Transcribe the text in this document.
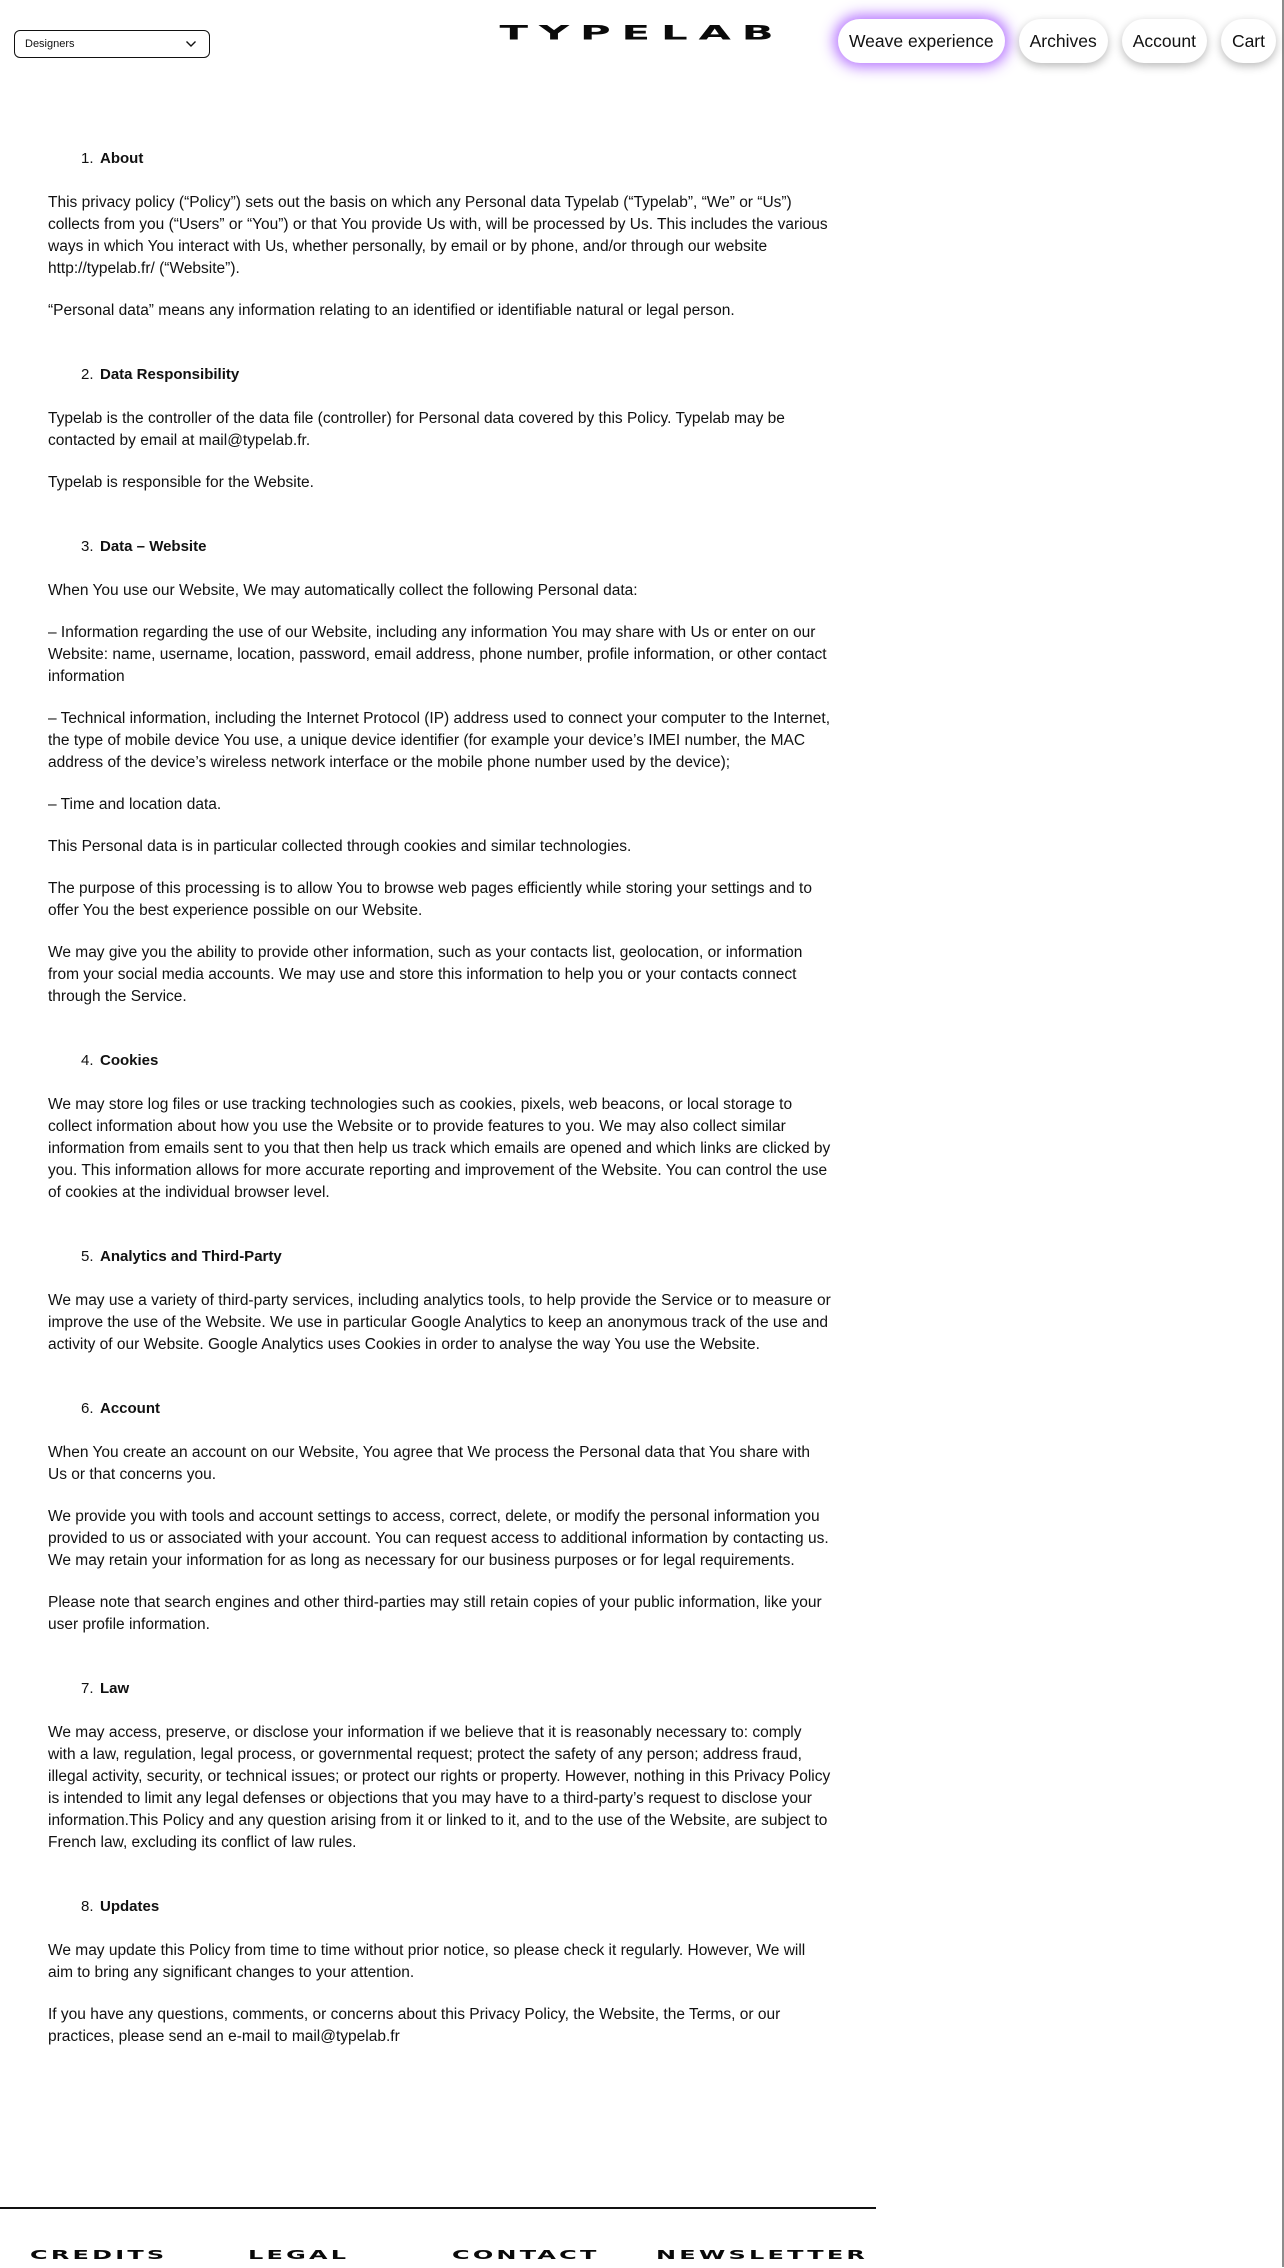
Designers	TYPELAB	Weave experience	Archives	Account	Cart
1. About

This privacy policy (“Policy”) sets out the basis on which any Personal data Typelab (“Typelab”, “We” or “Us”) collects from you (“Users” or “You”) or that You provide Us with, will be processed by Us. This includes the various ways in which You interact with Us, whether personally, by email or by phone, and/or through our website http://typelab.fr/ (“Website”).

“Personal data” means any information relating to an identified or identifiable natural or legal person.

2. Data Responsibility

Typelab is the controller of the data file (controller) for Personal data covered by this Policy. Typelab may be contacted by email at mail@typelab.fr.

Typelab is responsible for the Website.

3. Data – Website

When You use our Website, We may automatically collect the following Personal data:

– Information regarding the use of our Website, including any information You may share with Us or enter on our Website: name, username, location, password, email address, phone number, profile information, or other contact information

– Technical information, including the Internet Protocol (IP) address used to connect your computer to the Internet, the type of mobile device You use, a unique device identifier (for example your device’s IMEI number, the MAC address of the device’s wireless network interface or the mobile phone number used by the device);

– Time and location data.

This Personal data is in particular collected through cookies and similar technologies.

The purpose of this processing is to allow You to browse web pages efficiently while storing your settings and to offer You the best experience possible on our Website.

We may give you the ability to provide other information, such as your contacts list, geolocation, or information from your social media accounts. We may use and store this information to help you or your contacts connect through the Service.

4. Cookies

We may store log files or use tracking technologies such as cookies, pixels, web beacons, or local storage to collect information about how you use the Website or to provide features to you. We may also collect similar information from emails sent to you that then help us track which emails are opened and which links are clicked by you. This information allows for more accurate reporting and improvement of the Website. You can control the use of cookies at the individual browser level.

5. Analytics and Third-Party

We may use a variety of third-party services, including analytics tools, to help provide the Service or to measure or improve the use of the Website. We use in particular Google Analytics to keep an anonymous track of the use and activity of our Website. Google Analytics uses Cookies in order to analyse the way You use the Website.

6. Account

When You create an account on our Website, You agree that We process the Personal data that You share with Us or that concerns you.

We provide you with tools and account settings to access, correct, delete, or modify the personal information you provided to us or associated with your account. You can request access to additional information by contacting us. We may retain your information for as long as necessary for our business purposes or for legal requirements.

Please note that search engines and other third-parties may still retain copies of your public information, like your user profile information.

7. Law

We may access, preserve, or disclose your information if we believe that it is reasonably necessary to: comply with a law, regulation, legal process, or governmental request; protect the safety of any person; address fraud, illegal activity, security, or technical issues; or protect our rights or property. However, nothing in this Privacy Policy is intended to limit any legal defenses or objections that you may have to a third-party’s request to disclose your information.This Policy and any question arising from it or linked to it, and to the use of the Website, are subject to French law, excluding its conflict of law rules.

8. Updates

We may update this Policy from time to time without prior notice, so please check it regularly. However, We will aim to bring any significant changes to your attention.

If you have any questions, comments, or concerns about this Privacy Policy, the Website, the Terms, or our practices, please send an e-mail to mail@typelab.fr

CREDITS	LEGAL	CONTACT	NEWSLETTER
